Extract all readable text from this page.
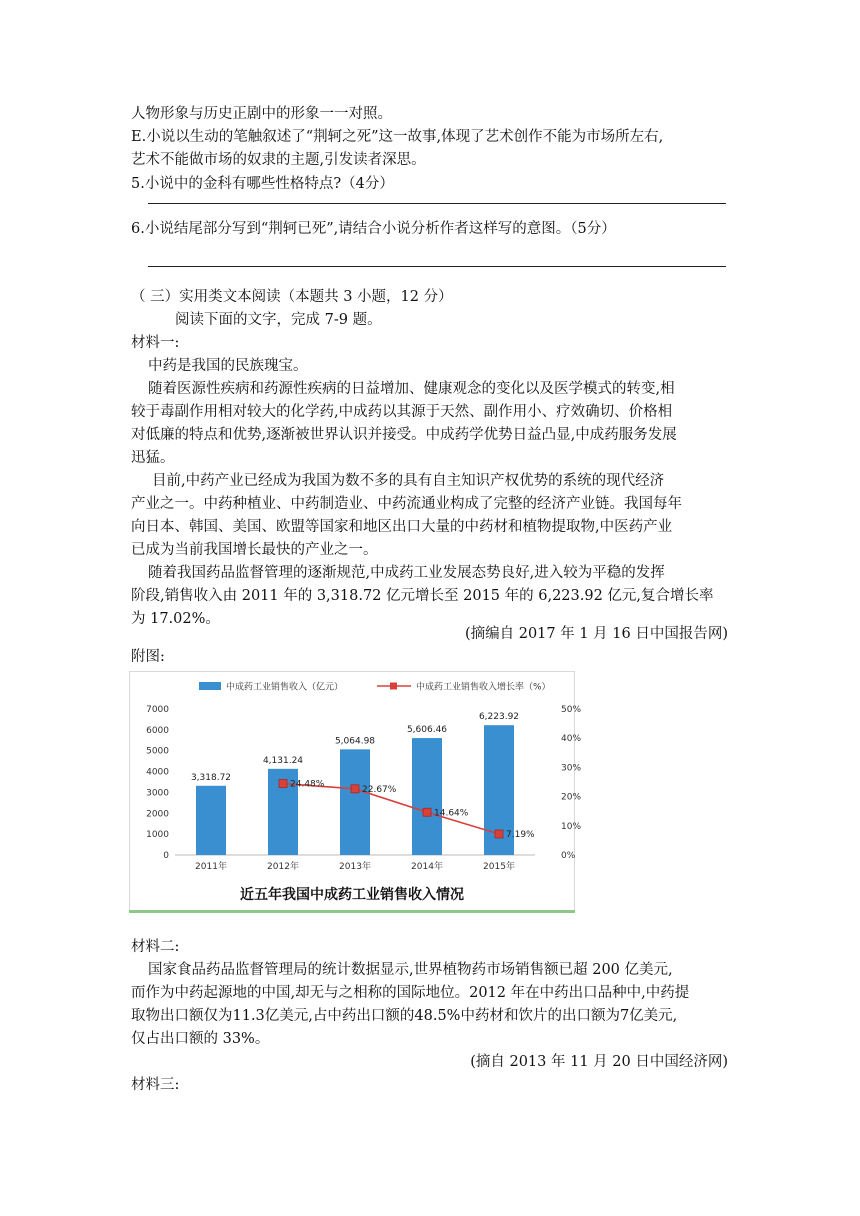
人物形象与历史正剧中的形象一一对照。
E.小说以生动的笔触叙述了“荆轲之死”这一故事,体现了艺术创作不能为市场所左右,
艺术不能做市场的奴隶的主题,引发读者深思。
5.小说中的金科有哪些性格特点?（4分）
6.小说结尾部分写到“荆轲已死”,请结合小说分析作者这样写的意图。（5分）
（ 三）实用类文本阅读（本题共 3 小题，12 分）
阅读下面的文字，完成 7-9 题。
材料一:
中药是我国的民族瑰宝。
随着医源性疾病和药源性疾病的日益增加、健康观念的变化以及医学模式的转变,相
较于毒副作用相对较大的化学药,中成药以其源于天然、副作用小、疗效确切、价格相
对低廉的特点和优势,逐渐被世界认识并接受。中成药学优势日益凸显,中成药服务发展
迅猛。
目前,中药产业已经成为我国为数不多的具有自主知识产权优势的系统的现代经济
产业之一。中药种植业、中药制造业、中药流通业构成了完整的经济产业链。我国每年
向日本、韩国、美国、欧盟等国家和地区出口大量的中药材和植物提取物,中医药产业
已成为当前我国增长最快的产业之一。
随着我国药品监督管理的逐渐规范,中成药工业发展态势良好,进入较为平稳的发挥
阶段,销售收入由 2011 年的 3,318.72 亿元增长至 2015 年的 6,223.92 亿元,复合增长率
为 17.02%。
(摘编自 2017 年 1 月 16 日中国报告网)
附图:
0
1000
2000
3000
4000
5000
6000
7000
0%
10%
20%
30%
40%
50%
2011年	2012年	2013年	2014年	2015年
3,318.72
4,131.24
5,064.98
5,606.46
6,223.92
24.48%
22.67%
14.64%
7.19%
中成药工业销售收入（亿元）	中成药工业销售收入增长率（%）
近五年我国中成药工业销售收入情况
材料二:
国家食品药品监督管理局的统计数据显示,世界植物药市场销售额已超 200 亿美元,
而作为中药起源地的中国,却无与之相称的国际地位。2012 年在中药出口品种中,中药提
取物出口额仅为11.3亿美元,占中药出口额的48.5%中药材和饮片的出口额为7亿美元,
仅占出口额的 33%。
(摘自 2013 年 11 月 20 日中国经济网)
材料三:
